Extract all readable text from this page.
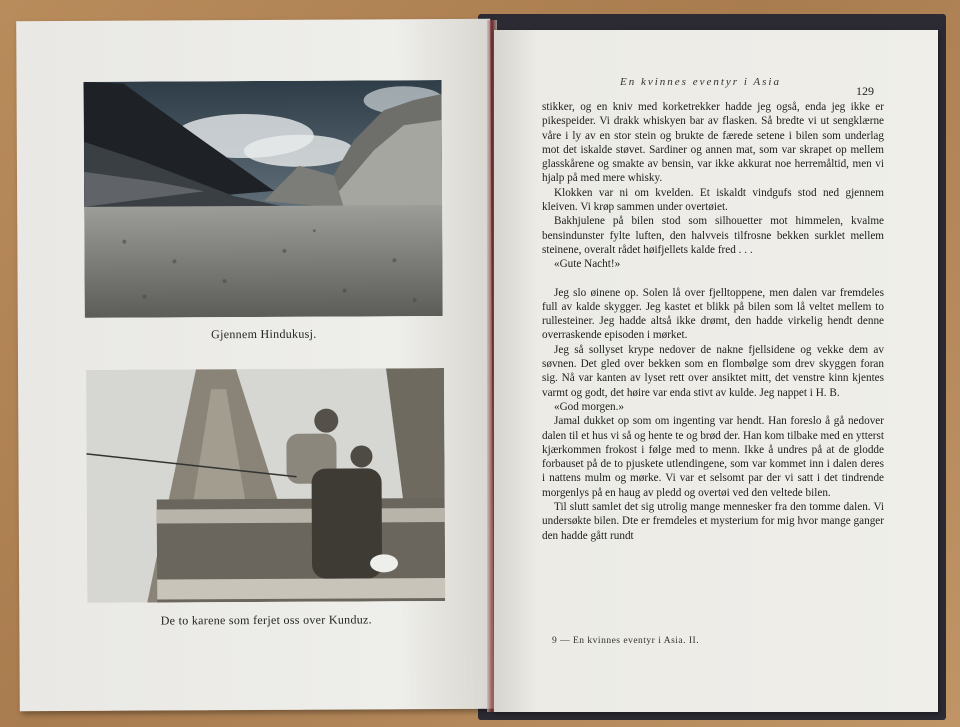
Gjennem Hindukusj.
De to karene som ferjet oss over Kunduz.
En kvinnes eventyr i Asia
129

stikker, og en kniv med korketrekker hadde jeg også, enda jeg ikke er pikespeider. Vi drakk whiskyen bar av flasken. Så bredte vi ut sengklærne våre i ly av en stor stein og brukte de færede setene i bilen som underlag mot det iskalde støvet. Sardiner og annen mat, som var skrapet op mellem glasskårene og smakte av bensin, var ikke akkurat noe herremåltid, men vi hjalp på med mere whisky.

Klokken var ni om kvelden. Et iskaldt vindgufs stod ned gjennem kleiven. Vi krøp sammen under overtøiet.

Bakhjulene på bilen stod som silhouetter mot himmelen, kvalme bensindunster fylte luften, den halvveis tilfrosne bekken surklet mellem steinene, overalt rådet høifjellets kalde fred . . .

«Gute Nacht!»

Jeg slo øinene op. Solen lå over fjelltoppene, men dalen var fremdeles full av kalde skygger. Jeg kastet et blikk på bilen som lå veltet mellem to rullesteiner. Jeg hadde altså ikke drømt, den hadde virkelig hendt denne overraskende episoden i mørket.

Jeg så sollyset krype nedover de nakne fjellsidene og vekke dem av søvnen. Det gled over bekken som en flombølge som drev skyggen foran sig. Nå var kanten av lyset rett over ansiktet mitt, det venstre kinn kjentes varmt og godt, det høire var enda stivt av kulde. Jeg nappet i H. B.

«God morgen.»

Jamal dukket op som om ingenting var hendt. Han foreslo å gå nedover dalen til et hus vi så og hente te og brød der. Han kom tilbake med en ytterst kjærkommen frokost i følge med to menn. Ikke å undres på at de glodde forbauset på de to pjuskete utlendingene, som var kommet inn i dalen deres i nattens mulm og mørke. Vi var et selsomt par der vi satt i det tindrende morgenlys på en haug av pledd og overtøi ved den veltede bilen.

Til slutt samlet det sig utrolig mange mennesker fra den tomme dalen. Vi undersøkte bilen. Dte er fremdeles et mysterium for mig hvor mange ganger den hadde gått rundt

9 — En kvinnes eventyr i Asia. II.
